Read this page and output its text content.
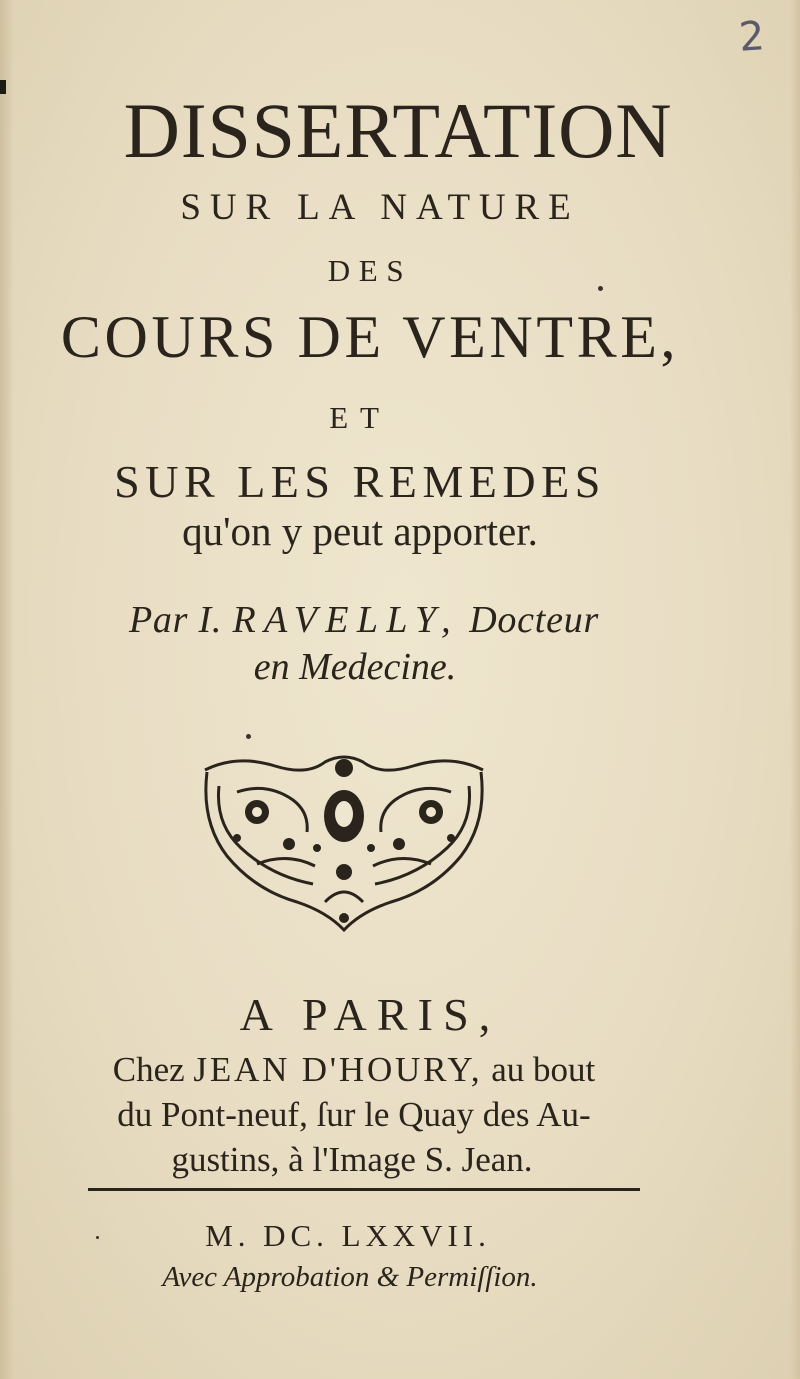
2
DISSERTATION
SUR LA NATURE
DES
COURS DE VENTRE,
ET
SUR LES REMEDES
qu'on y peut apporter.
Par I. RAVELLY, Docteur
en Medecine.
A PARIS,
Chez JEAN D'HOURY, au bout
du Pont-neuf, ſur le Quay des Au-
gustins, à l'Image S. Jean.
M. DC. LXXVII.
Avec Approbation & Permiſſion.
